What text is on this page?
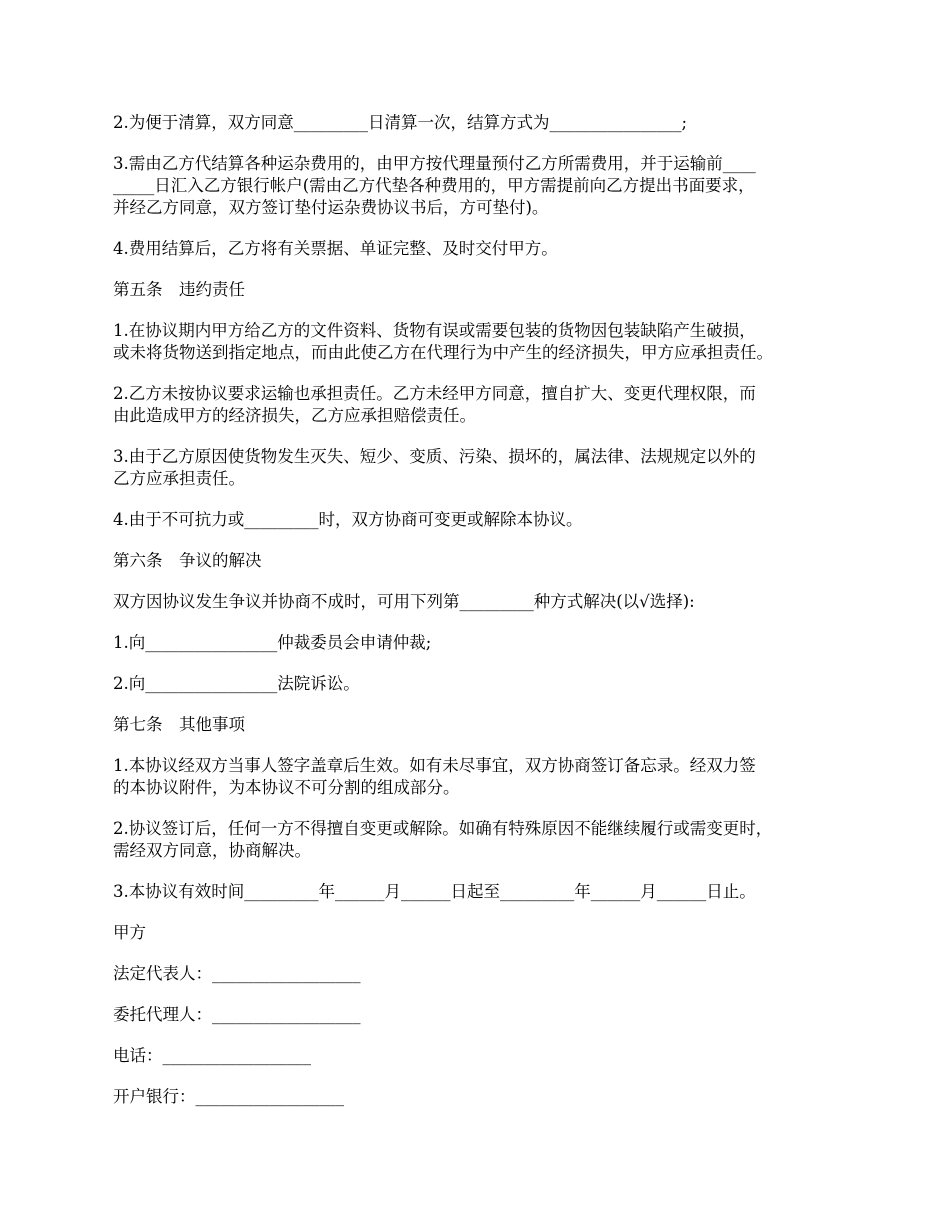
2.为便于清算，双方同意_________日清算一次，结算方式为________________;

3.需由乙方代结算各种运杂费用的，由甲方按代理量预付乙方所需费用，并于运输前____
_____日汇入乙方银行帐户(需由乙方代垫各种费用的，甲方需提前向乙方提出书面要求，
并经乙方同意，双方签订垫付运杂费协议书后，方可垫付)。

4.费用结算后，乙方将有关票据、单证完整、及时交付甲方。

第五条　违约责任

1.在协议期内甲方给乙方的文件资料、货物有误或需要包装的货物因包装缺陷产生破损，
或未将货物送到指定地点，而由此使乙方在代理行为中产生的经济损失，甲方应承担责任。

2.乙方未按协议要求运输也承担责任。乙方未经甲方同意，擅自扩大、变更代理权限，而
由此造成甲方的经济损失，乙方应承担赔偿责任。

3.由于乙方原因使货物发生灭失、短少、变质、污染、损坏的，属法律、法规规定以外的
乙方应承担责任。

4.由于不可抗力或_________时，双方协商可变更或解除本协议。

第六条　争议的解决

双方因协议发生争议并协商不成时，可用下列第_________种方式解决(以√选择):

1.向________________仲裁委员会申请仲裁;

2.向________________法院诉讼。

第七条　其他事项

1.本协议经双方当事人签字盖章后生效。如有未尽事宜，双方协商签订备忘录。经双力签
的本协议附件，为本协议不可分割的组成部分。

2.协议签订后，任何一方不得擅自变更或解除。如确有特殊原因不能继续履行或需变更时，
需经双方同意，协商解决。

3.本协议有效时间_________年______月______日起至_________年______月______日止。

甲方

法定代表人：__________________

委托代理人：__________________

电话：__________________

开户银行：__________________
